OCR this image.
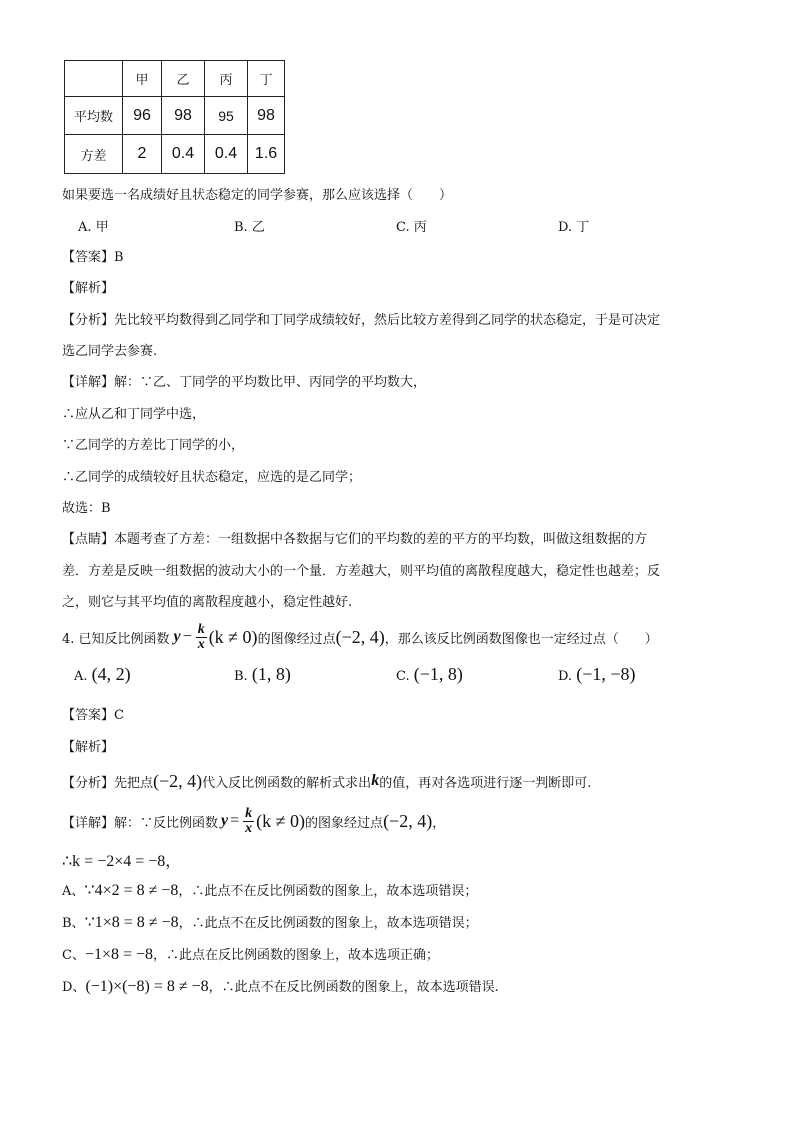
	甲	乙	丙	丁
平均数	96	98	95	98
方差	2	0.4	0.4	1.6
如果要选一名成绩好且状态稳定的同学参赛，那么应该选择（　　）
A. 甲	B. 乙	C. 丙	D. 丁
【答案】B
【解析】
【分析】先比较平均数得到乙同学和丁同学成绩较好，然后比较方差得到乙同学的状态稳定，于是可决定
选乙同学去参赛.
【详解】解：∵乙、丁同学的平均数比甲、丙同学的平均数大，
∴应从乙和丁同学中选，
∵乙同学的方差比丁同学的小，
∴乙同学的成绩较好且状态稳定，应选的是乙同学；
故选：B
【点睛】本题考查了方差：一组数据中各数据与它们的平均数的差的平方的平均数，叫做这组数据的方
差．方差是反映一组数据的波动大小的一个量．方差越大，则平均值的离散程度越大，稳定性也越差；反
之，则它与其平均值的离散程度越小，稳定性越好.
4. 已知反比例函数 $y - \frac{k}{x} (k \ne 0)$ 的图像经过点 (−2, 4) ，那么该反比例函数图像也一定经过点（　　）
A. (4, 2)	B. (1, 8)	C. (−1, 8)	D. (−1, −8)
【答案】C
【解析】
【分析】 先把点 (−2, 4) 代入反比例函数的解析式求出 k 的值，再对各选项进行逐一判断即可.
【详解】 解：∵反比例函数 $y = \frac{k}{x} (k \ne 0)$ 的图象经过点 (−2, 4) ，
∴k = −2×4 = −8，
A、∵4×2 = 8 ≠ −8，∴此点不在反比例函数的图象上，故本选项错误；
B、∵1×8 = 8 ≠ −8，∴此点不在反比例函数的图象上，故本选项错误；
C、−1×8 = −8，∴此点在反比例函数的图象上，故本选项正确；
D、(−1)×(−8) = 8 ≠ −8，∴此点不在反比例函数的图象上，故本选项错误.
